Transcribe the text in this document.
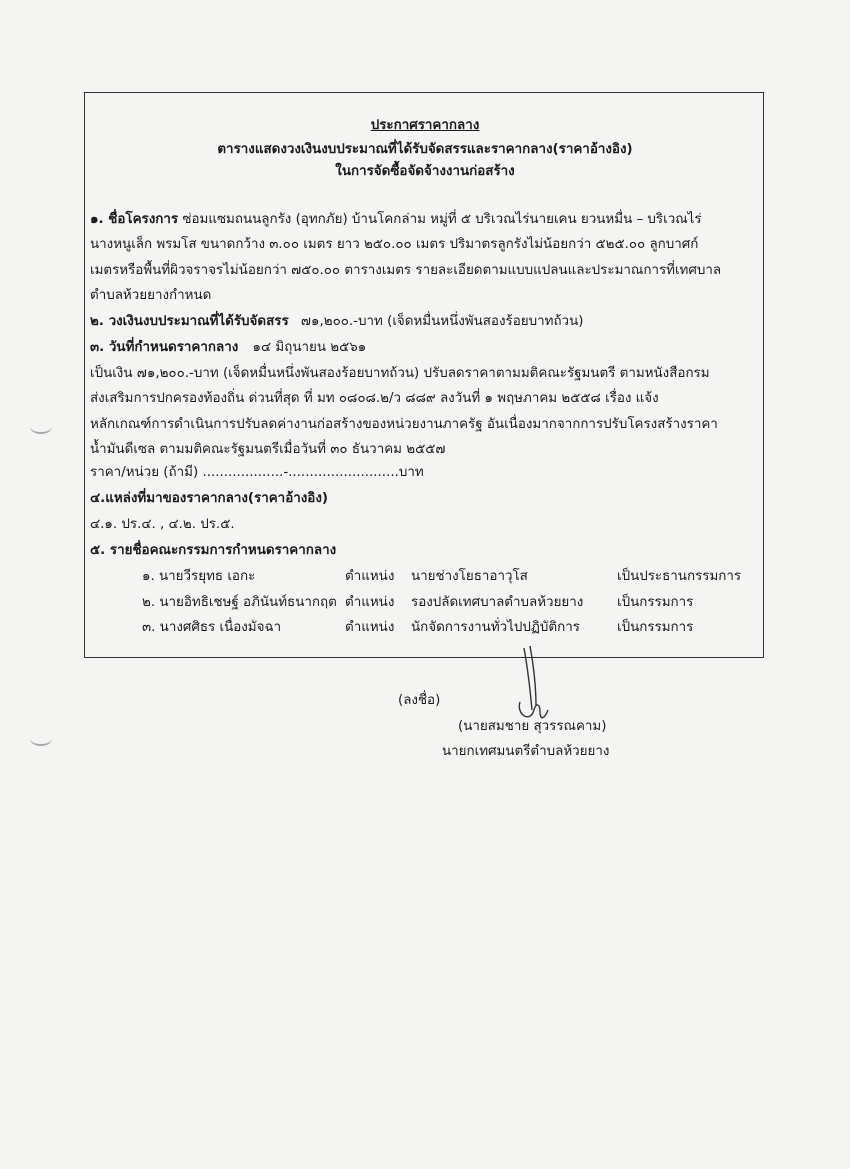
ประกาศราคากลาง
ตารางแสดงวงเงินงบประมาณที่ได้รับจัดสรรและราคากลาง(ราคาอ้างอิง)
ในการจัดซื้อจัดจ้างงานก่อสร้าง
๑. ชื่อโครงการ ซ่อมแซมถนนลูกรัง (อุทกภัย) บ้านโคกล่าม หมู่ที่ ๕ บริเวณไร่นายเคน ยวนหมื่น – บริเวณไร่
นางหนูเล็ก พรมโส ขนาดกว้าง ๓.๐๐ เมตร ยาว ๒๕๐.๐๐ เมตร ปริมาตรลูกรังไม่น้อยกว่า ๕๒๕.๐๐ ลูกบาศก์
เมตรหรือพื้นที่ผิวจราจรไม่น้อยกว่า ๗๕๐.๐๐ ตารางเมตร รายละเอียดตามแบบแปลนและประมาณการที่เทศบาล
ตำบลห้วยยางกำหนด
๒. วงเงินงบประมาณที่ได้รับจัดสรร ๗๑,๒๐๐.-บาท (เจ็ดหมื่นหนึ่งพันสองร้อยบาทถ้วน)
๓. วันที่กำหนดราคากลาง ๑๔ มิถุนายน ๒๕๖๑
เป็นเงิน ๗๑,๒๐๐.-บาท (เจ็ดหมื่นหนึ่งพันสองร้อยบาทถ้วน) ปรับลดราคาตามมติคณะรัฐมนตรี ตามหนังสือกรม
ส่งเสริมการปกครองท้องถิ่น ด่วนที่สุด ที่ มท ๐๘๐๘.๒/ว ๘๘๙ ลงวันที่ ๑ พฤษภาคม ๒๕๕๘ เรื่อง แจ้ง
หลักเกณฑ์การดำเนินการปรับลดค่างานก่อสร้างของหน่วยงานภาครัฐ อันเนื่องมากจากการปรับโครงสร้างราคา
น้ำมันดีเซล ตามมติคณะรัฐมนตรีเมื่อวันที่ ๓๐ ธันวาคม ๒๕๕๗
ราคา/หน่วย (ถ้ามี) ...................-..........................บาท
๔.แหล่งที่มาของราคากลาง(ราคาอ้างอิง)
๔.๑. ปร.๔. , ๔.๒. ปร.๕.
๕. รายชื่อคณะกรรมการกำหนดราคากลาง
๑. นายวีรยุทธ เอกะ	ตำแหน่ง นายช่างโยธาอาวุโส	เป็นประธานกรรมการ
๒. นายอิทธิเชษฐ์ อภินันท์ธนากฤต ตำแหน่ง รองปลัดเทศบาลตำบลห้วยยาง	เป็นกรรมการ
๓. นางศศิธร เนื่องมัจฉา	ตำแหน่ง นักจัดการงานทั่วไปปฏิบัติการ	เป็นกรรมการ
(ลงชื่อ)
(นายสมชาย สุวรรณคาม)
นายกเทศมนตรีตำบลห้วยยาง
